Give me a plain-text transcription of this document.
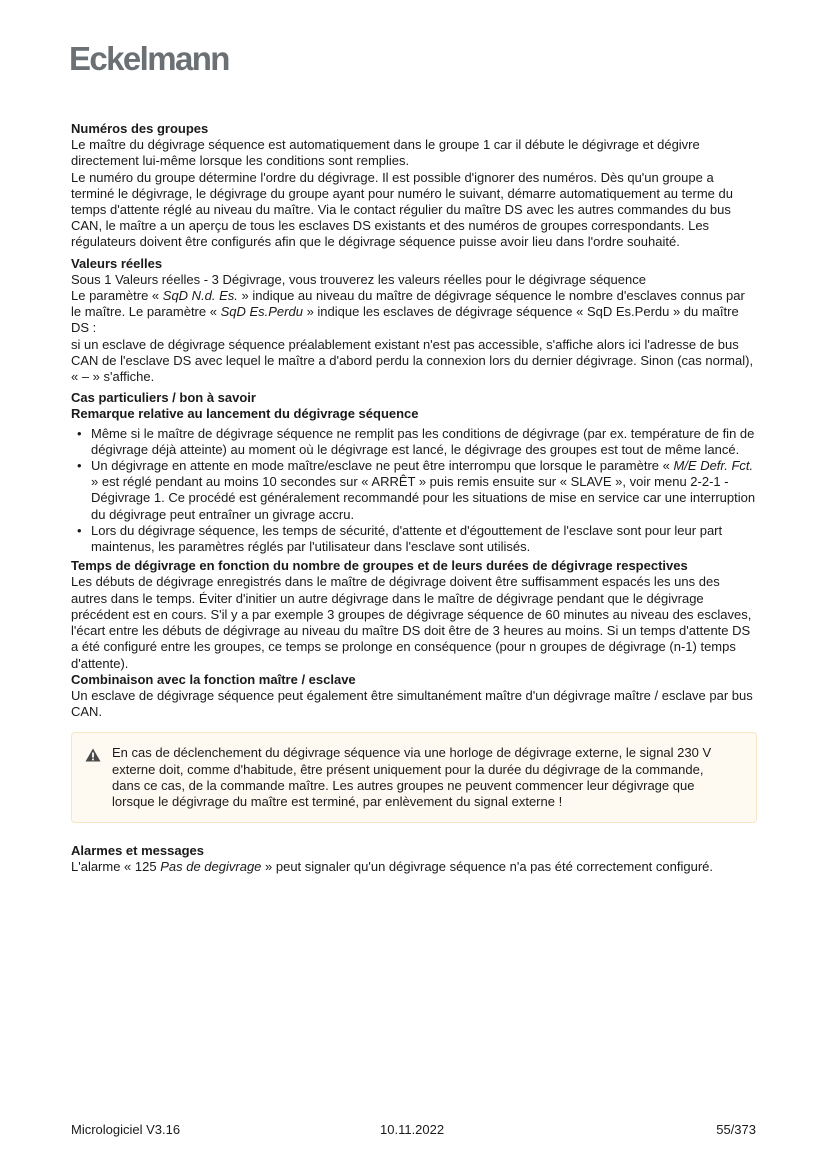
Eckelmann

Numéros des groupes

Le maître du dégivrage séquence est automatiquement dans le groupe 1 car il débute le dégivrage et dégivre directement lui-même lorsque les conditions sont remplies.

Le numéro du groupe détermine l'ordre du dégivrage. Il est possible d'ignorer des numéros. Dès qu'un groupe a terminé le dégivrage, le dégivrage du groupe ayant pour numéro le suivant, démarre automatiquement au terme du temps d'attente réglé au niveau du maître. Via le contact régulier du maître DS avec les autres commandes du bus CAN, le maître a un aperçu de tous les esclaves DS existants et des numéros de groupes correspondants. Les régulateurs doivent être configurés afin que le dégivrage séquence puisse avoir lieu dans l'ordre souhaité.

Valeurs réelles

Sous 1 Valeurs réelles - 3 Dégivrage, vous trouverez les valeurs réelles pour le dégivrage séquence

Le paramètre « SqD N.d. Es. » indique au niveau du maître de dégivrage séquence le nombre d'esclaves connus par le maître. Le paramètre « SqD Es.Perdu » indique les esclaves de dégivrage séquence « SqD Es.Perdu » du maître DS :

si un esclave de dégivrage séquence préalablement existant n'est pas accessible, s'affiche alors ici l'adresse de bus CAN de l'esclave DS avec lequel le maître a d'abord perdu la connexion lors du dernier dégivrage. Sinon (cas normal), « – » s'affiche.

Cas particuliers / bon à savoir

Remarque relative au lancement du dégivrage séquence

• Même si le maître de dégivrage séquence ne remplit pas les conditions de dégivrage (par ex. température de fin de dégivrage déjà atteinte) au moment où le dégivrage est lancé, le dégivrage des groupes est tout de même lancé.
• Un dégivrage en attente en mode maître/esclave ne peut être interrompu que lorsque le paramètre « M/E Defr. Fct. » est réglé pendant au moins 10 secondes sur « ARRÊT » puis remis ensuite sur « SLAVE », voir menu 2-2-1 - Dégivrage 1. Ce procédé est généralement recommandé pour les situations de mise en service car une interruption du dégivrage peut entraîner un givrage accru.
• Lors du dégivrage séquence, les temps de sécurité, d'attente et d'égouttement de l'esclave sont pour leur part maintenus, les paramètres réglés par l'utilisateur dans l'esclave sont utilisés.

Temps de dégivrage en fonction du nombre de groupes et de leurs durées de dégivrage respectives

Les débuts de dégivrage enregistrés dans le maître de dégivrage doivent être suffisamment espacés les uns des autres dans le temps. Éviter d'initier un autre dégivrage dans le maître de dégivrage pendant que le dégivrage précédent est en cours. S'il y a par exemple 3 groupes de dégivrage séquence de 60 minutes au niveau des esclaves, l'écart entre les débuts de dégivrage au niveau du maître DS doit être de 3 heures au moins. Si un temps d'attente DS a été configuré entre les groupes, ce temps se prolonge en conséquence (pour n groupes de dégivrage (n-1) temps d'attente).

Combinaison avec la fonction maître / esclave

Un esclave de dégivrage séquence peut également être simultanément maître d'un dégivrage maître / esclave par bus CAN.

En cas de déclenchement du dégivrage séquence via une horloge de dégivrage externe, le signal 230 V externe doit, comme d'habitude, être présent uniquement pour la durée du dégivrage de la commande, dans ce cas, de la commande maître. Les autres groupes ne peuvent commencer leur dégivrage que lorsque le dégivrage du maître est terminé, par enlèvement du signal externe !

Alarmes et messages

L'alarme « 125 Pas de degivrage » peut signaler qu'un dégivrage séquence n'a pas été correctement configuré.

Micrologiciel V3.16	10.11.2022	55/373
